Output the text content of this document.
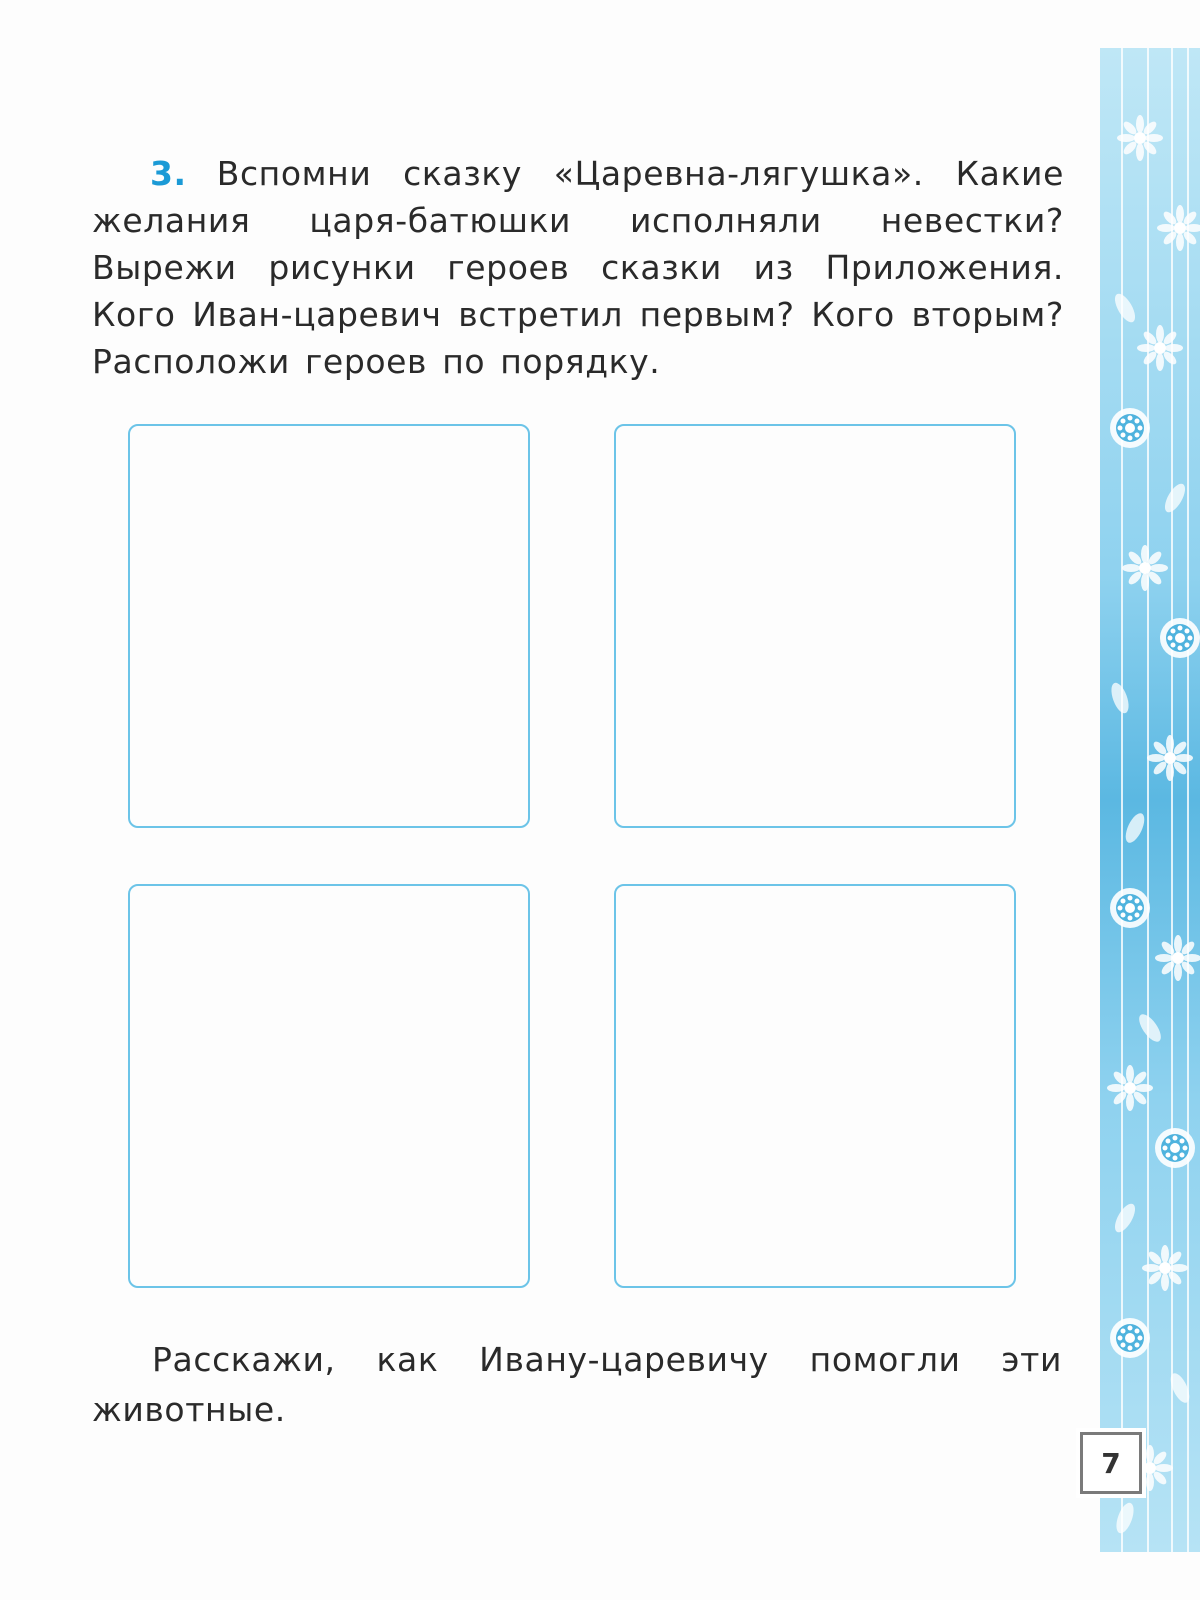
3. Вспомни сказку «Царевна-лягушка». Какие желания царя-батюшки исполняли невестки? Вырежи рисунки героев сказки из Приложения. Кого Иван-царевич встретил первым? Кого вторым? Расположи героев по порядку.
Расскажи, как Ивану-царевичу помогли эти животные.
7
